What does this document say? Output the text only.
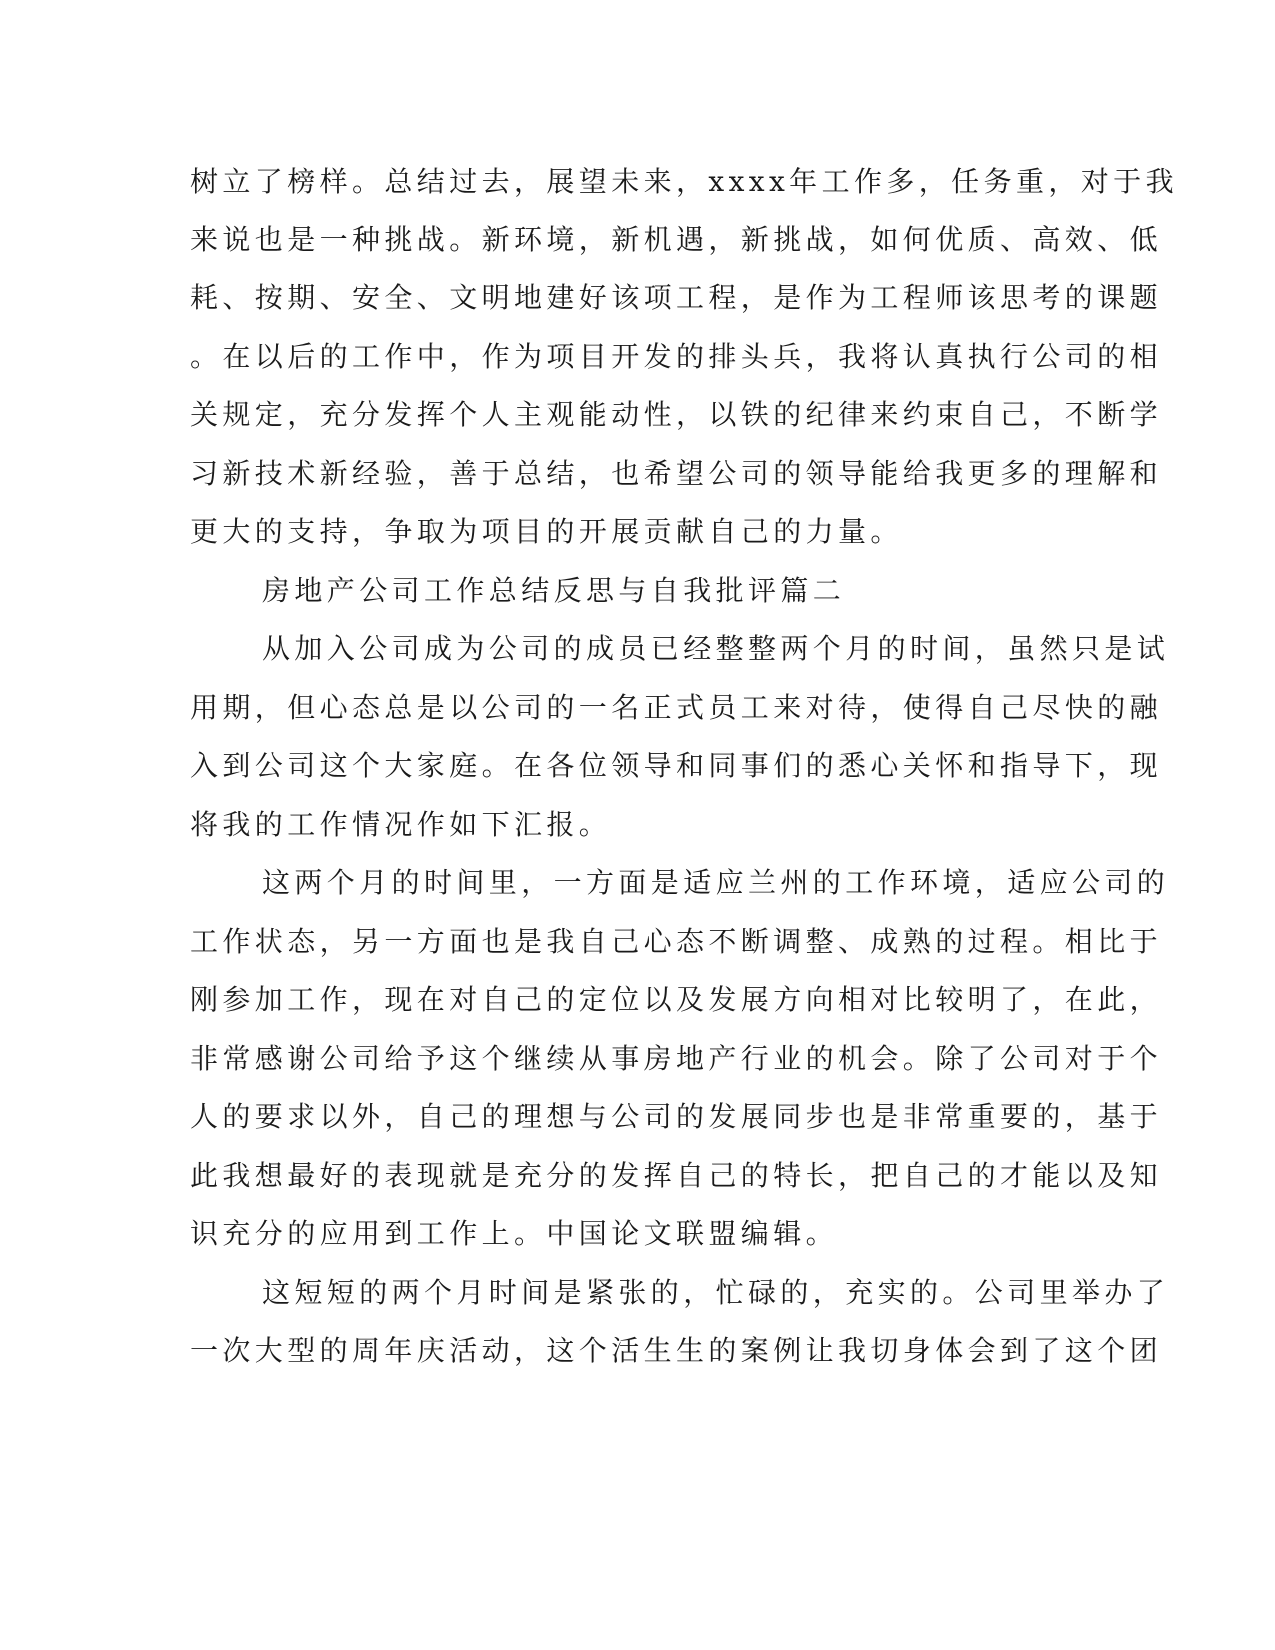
树立了榜样。总结过去，展望未来，xxxx年工作多，任务重，对于我

来说也是一种挑战。新环境，新机遇，新挑战，如何优质、高效、低

耗、按期、安全、文明地建好该项工程，是作为工程师该思考的课题

。在以后的工作中，作为项目开发的排头兵，我将认真执行公司的相

关规定，充分发挥个人主观能动性，以铁的纪律来约束自己，不断学

习新技术新经验，善于总结，也希望公司的领导能给我更多的理解和

更大的支持，争取为项目的开展贡献自己的力量。

房地产公司工作总结反思与自我批评篇二

从加入公司成为公司的成员已经整整两个月的时间，虽然只是试

用期，但心态总是以公司的一名正式员工来对待，使得自己尽快的融

入到公司这个大家庭。在各位领导和同事们的悉心关怀和指导下，现

将我的工作情况作如下汇报。

这两个月的时间里，一方面是适应兰州的工作环境，适应公司的

工作状态，另一方面也是我自己心态不断调整、成熟的过程。相比于

刚参加工作，现在对自己的定位以及发展方向相对比较明了，在此，

非常感谢公司给予这个继续从事房地产行业的机会。除了公司对于个

人的要求以外，自己的理想与公司的发展同步也是非常重要的，基于

此我想最好的表现就是充分的发挥自己的特长，把自己的才能以及知

识充分的应用到工作上。中国论文联盟编辑。

这短短的两个月时间是紧张的，忙碌的，充实的。公司里举办了

一次大型的周年庆活动，这个活生生的案例让我切身体会到了这个团
